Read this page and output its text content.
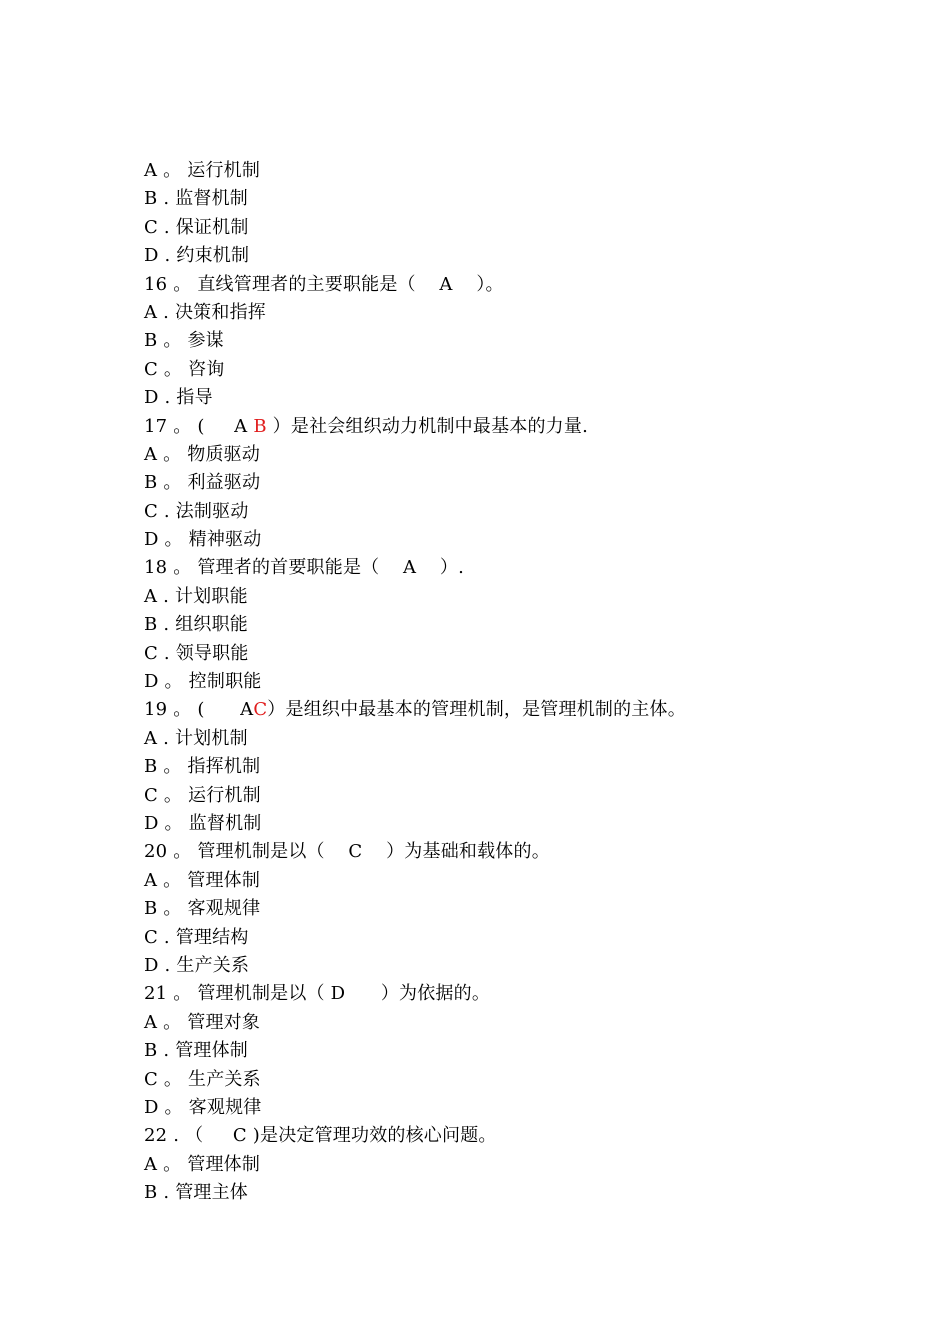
A 。 运行机制
B . 监督机制
C . 保证机制
D . 约束机制
16 。 直线管理者的主要职能是（    A    ）。
A . 决策和指挥
B 。 参谋
C 。 咨询
D . 指导
17 。 (     A B ）是社会组织动力机制中最基本的力量.
A 。 物质驱动
B 。 利益驱动
C . 法制驱动
D 。 精神驱动
18 。 管理者的首要职能是（    A    ）.
A . 计划职能
B . 组织职能
C . 领导职能
D 。 控制职能
19 。 (      AC）是组织中最基本的管理机制，是管理机制的主体。
A . 计划机制
B 。 指挥机制
C 。 运行机制
D 。 监督机制
20 。 管理机制是以（    C    ）为基础和载体的。
A 。 管理体制
B 。 客观规律
C . 管理结构
D . 生产关系
21 。 管理机制是以（ D      ）为依据的。
A 。 管理对象
B . 管理体制
C 。 生产关系
D 。 客观规律
22 . （     C )是决定管理功效的核心问题。
A 。 管理体制
B . 管理主体
